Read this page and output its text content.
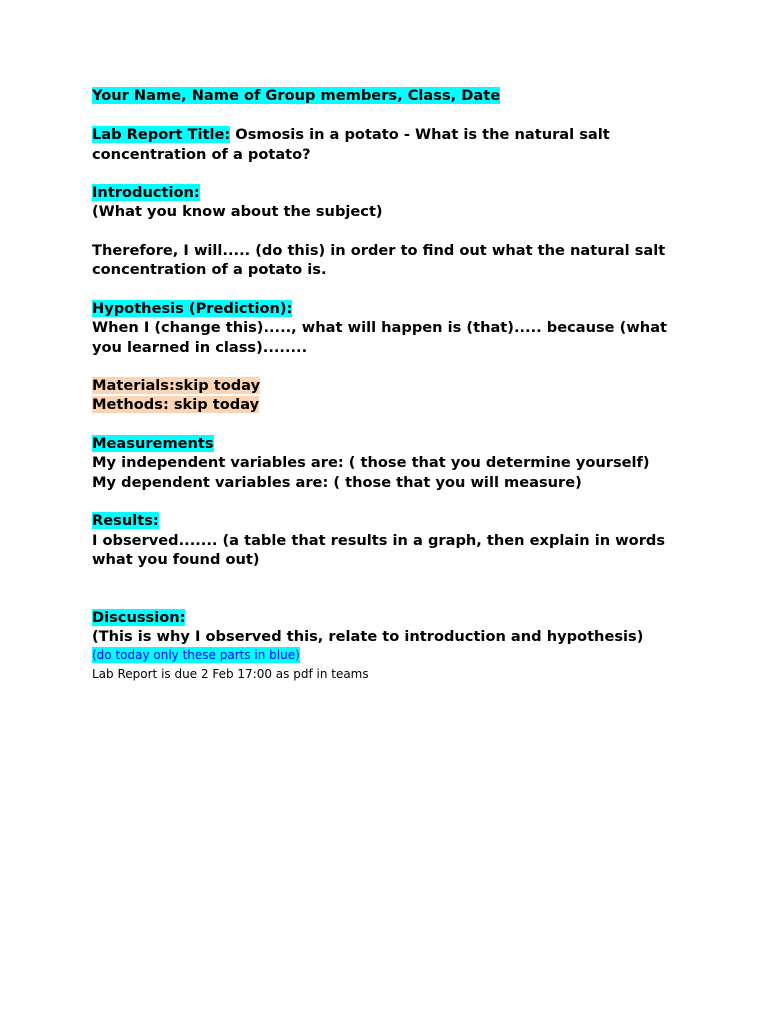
Your Name, Name of Group members, Class, Date
Lab Report Title: Osmosis in a potato - What is the natural salt
concentration of a potato?
Introduction:
(What you know about the subject)
Therefore, I will..... (do this) in order to find out what the natural salt
concentration of a potato is.
Hypothesis (Prediction):
When I (change this)....., what will happen is (that)..... because (what
you learned in class)........
Materials:skip today
Methods: skip today
Measurements
My independent variables are: ( those that you determine yourself)
My dependent variables are: ( those that you will measure)
Results:
I observed....... (a table that results in a graph, then explain in words
what you found out)
Discussion:
(This is why I observed this, relate to introduction and hypothesis)
(do today only these parts in blue)
Lab Report is due 2 Feb 17:00 as pdf in teams
